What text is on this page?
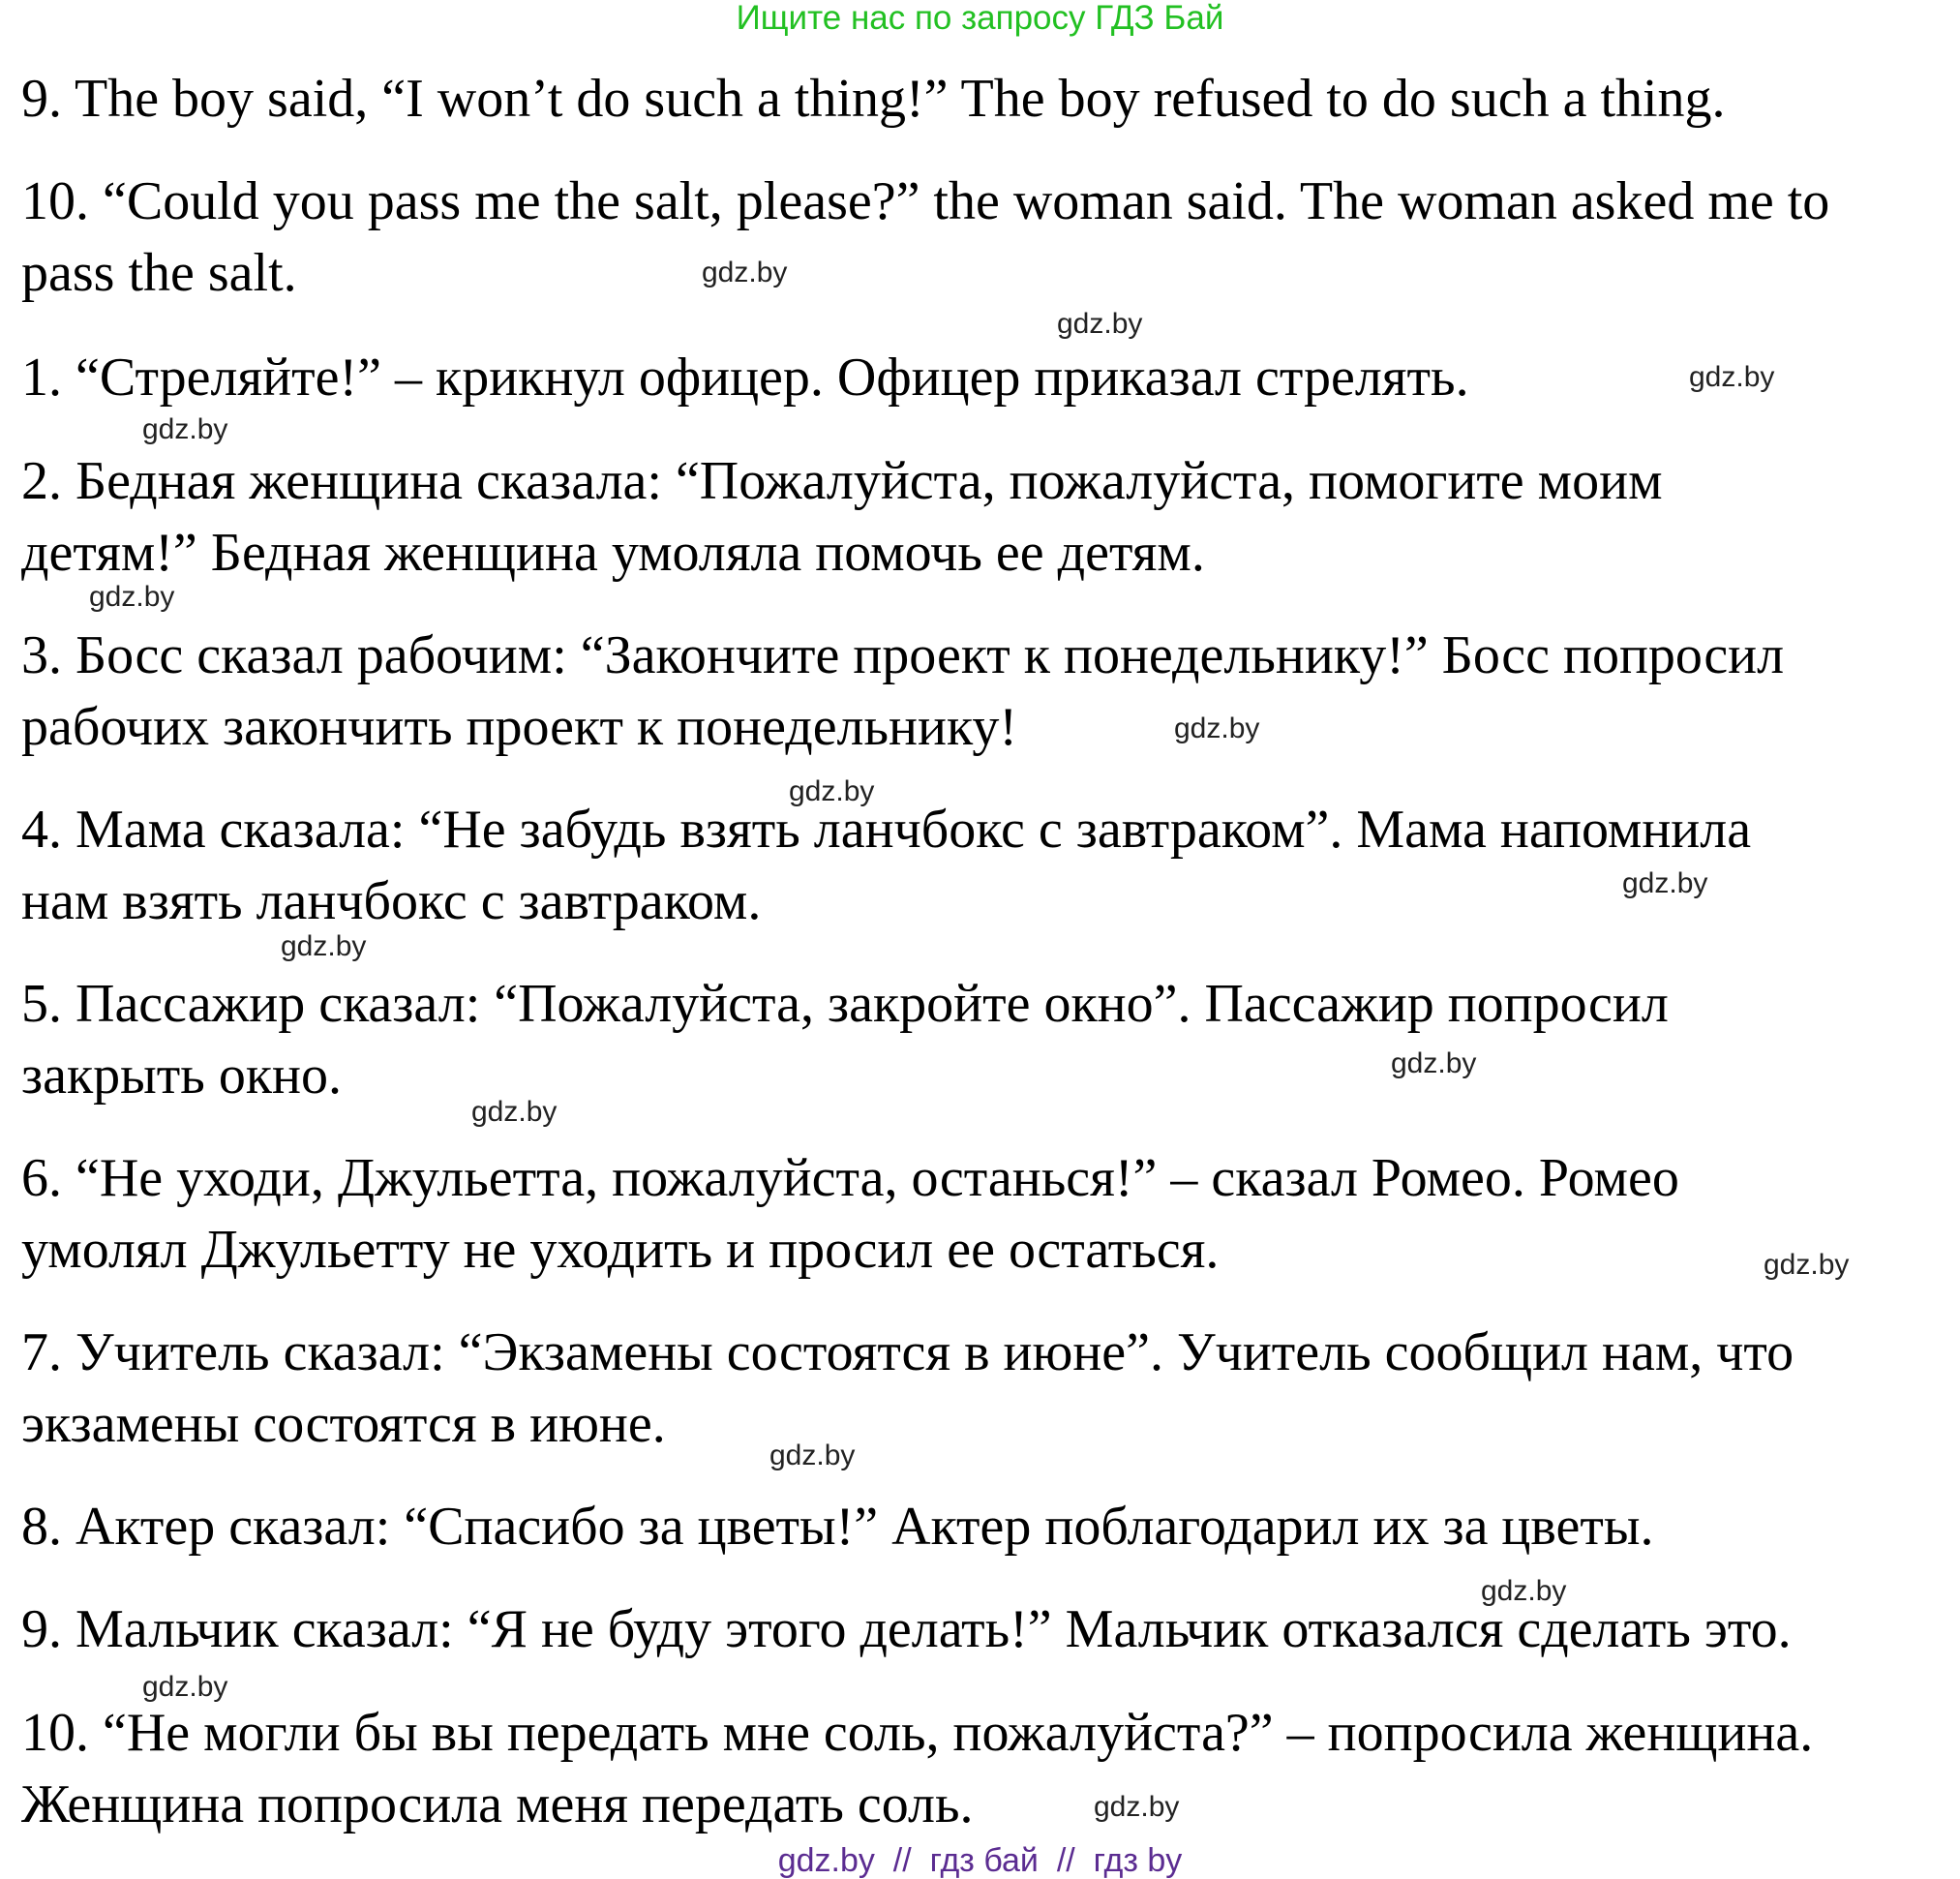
Ищите нас по запросу ГДЗ Бай
9. The boy said, “I won’t do such a thing!” The boy refused to do such a thing.
10. “Could you pass me the salt, please?” the woman said. The woman asked me to
pass the salt.
1. “Стреляйте!” – крикнул офицер. Офицер приказал стрелять.
2. Бедная женщина сказала: “Пожалуйста, пожалуйста, помогите моим
детям!” Бедная женщина умоляла помочь ее детям.
3. Босс сказал рабочим: “Закончите проект к понедельнику!” Босс попросил
рабочих закончить проект к понедельнику!
4. Мама сказала: “Не забудь взять ланчбокс с завтраком”. Мама напомнила
нам взять ланчбокс с завтраком.
5. Пассажир сказал: “Пожалуйста, закройте окно”. Пассажир попросил
закрыть окно.
6. “Не уходи, Джульетта, пожалуйста, останься!” – сказал Ромео. Ромео
умолял Джульетту не уходить и просил ее остаться.
7. Учитель сказал: “Экзамены состоятся в июне”. Учитель сообщил нам, что
экзамены состоятся в июне.
8. Актер сказал: “Спасибо за цветы!” Актер поблагодарил их за цветы.
9. Мальчик сказал: “Я не буду этого делать!” Мальчик отказался сделать это.
10. “Не могли бы вы передать мне соль, пожалуйста?” – попросила женщина.
Женщина попросила меня передать соль.
gdz.by
gdz.by
gdz.by
gdz.by
gdz.by
gdz.by
gdz.by
gdz.by
gdz.by
gdz.by
gdz.by
gdz.by
gdz.by
gdz.by
gdz.by
gdz.by
gdz.by  //  гдз бай  //  гдз by
